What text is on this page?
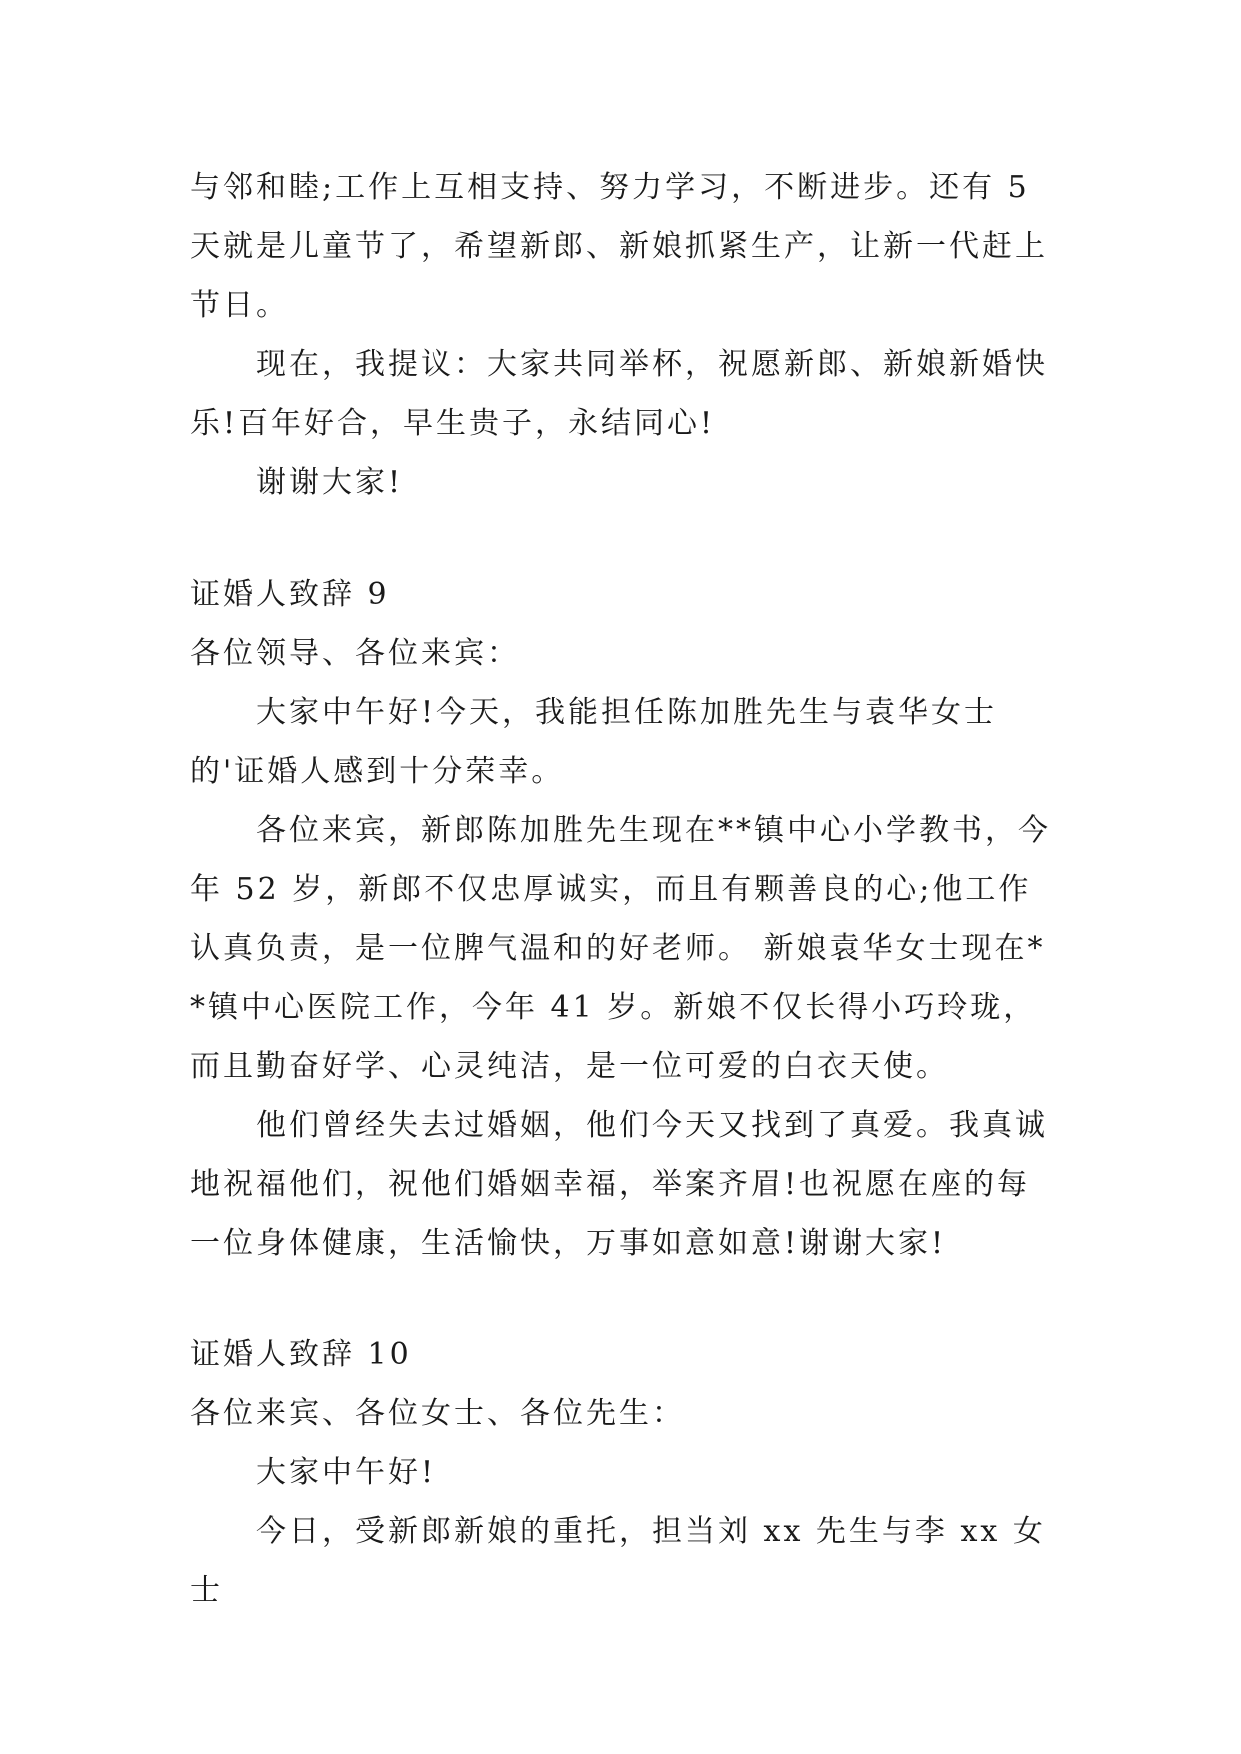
与邻和睦;工作上互相支持、努力学习，不断进步。还有 5 天就是儿童节了，希望新郎、新娘抓紧生产，让新一代赶上节日。

现在，我提议：大家共同举杯，祝愿新郎、新娘新婚快乐!百年好合，早生贵子，永结同心!

谢谢大家!

证婚人致辞 9

各位领导、各位来宾：

大家中午好!今天，我能担任陈加胜先生与袁华女士的'证婚人感到十分荣幸。

各位来宾，新郎陈加胜先生现在**镇中心小学教书，今年 52 岁，新郎不仅忠厚诚实，而且有颗善良的心;他工作认真负责，是一位脾气温和的好老师。 新娘袁华女士现在**镇中心医院工作，今年 41 岁。新娘不仅长得小巧玲珑，而且勤奋好学、心灵纯洁，是一位可爱的白衣天使。

他们曾经失去过婚姻，他们今天又找到了真爱。我真诚地祝福他们，祝他们婚姻幸福，举案齐眉!也祝愿在座的每一位身体健康，生活愉快，万事如意如意!谢谢大家!

证婚人致辞 10

各位来宾、各位女士、各位先生：

大家中午好!

今日，受新郎新娘的重托，担当刘 xx 先生与李 xx 女士
